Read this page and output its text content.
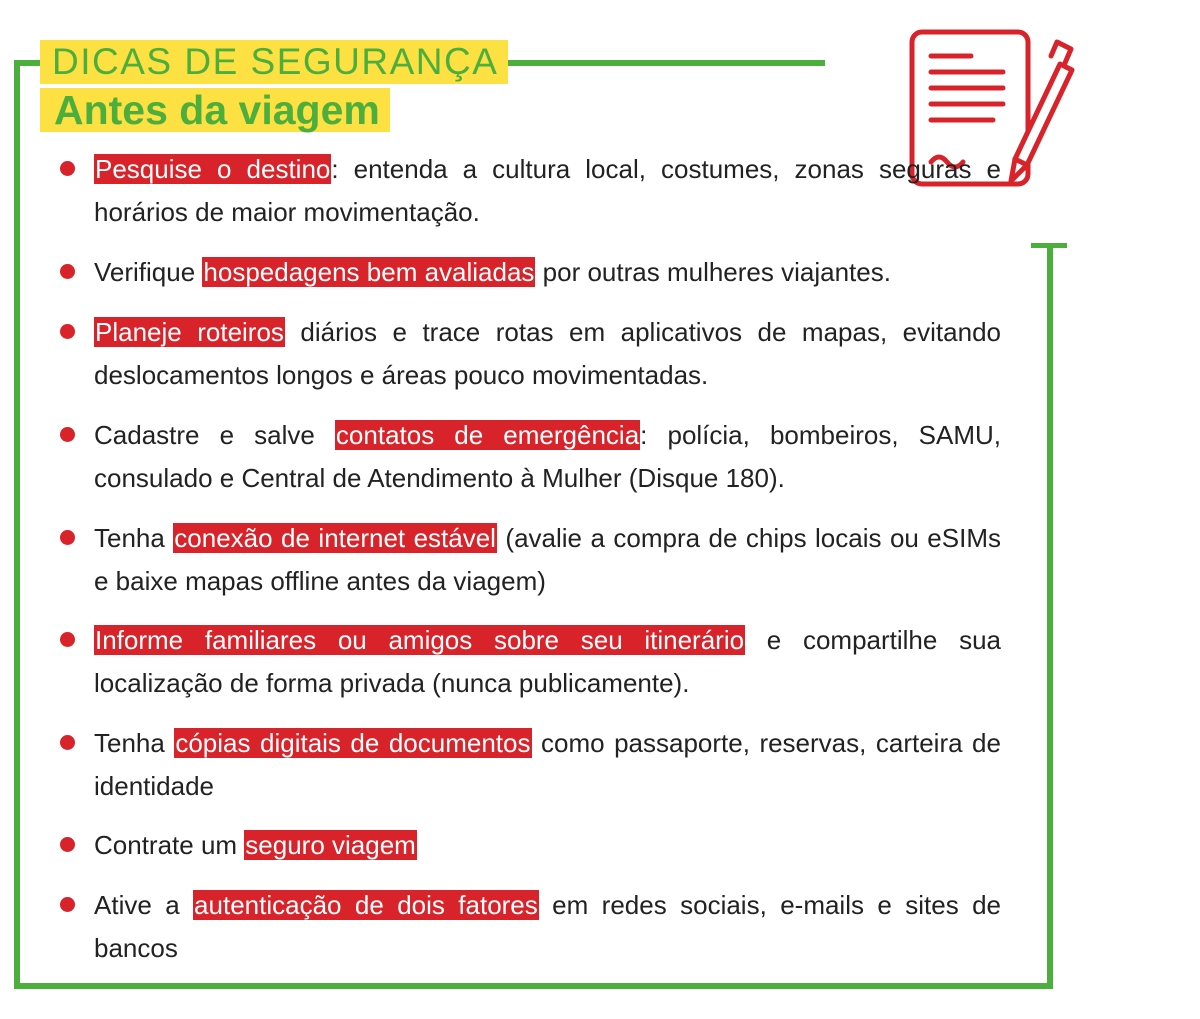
DICAS DE SEGURANÇA
Antes da viagem
Pesquise o destino: entenda a cultura local, costumes, zonas seguras e horários de maior movimentação.
Verifique hospedagens bem avaliadas por outras mulheres viajantes.
Planeje roteiros diários e trace rotas em aplicativos de mapas, evitando deslocamentos longos e áreas pouco movimentadas.
Cadastre e salve contatos de emergência: polícia, bombeiros, SAMU, consulado e Central de Atendimento à Mulher (Disque 180).
Tenha conexão de internet estável (avalie a compra de chips locais ou eSIMs e baixe mapas offline antes da viagem)
Informe familiares ou amigos sobre seu itinerário e compartilhe sua localização de forma privada (nunca publicamente).
Tenha cópias digitais de documentos como passaporte, reservas, carteira de identidade
Contrate um seguro viagem
Ative a autenticação de dois fatores em redes sociais, e-mails e sites de bancos
